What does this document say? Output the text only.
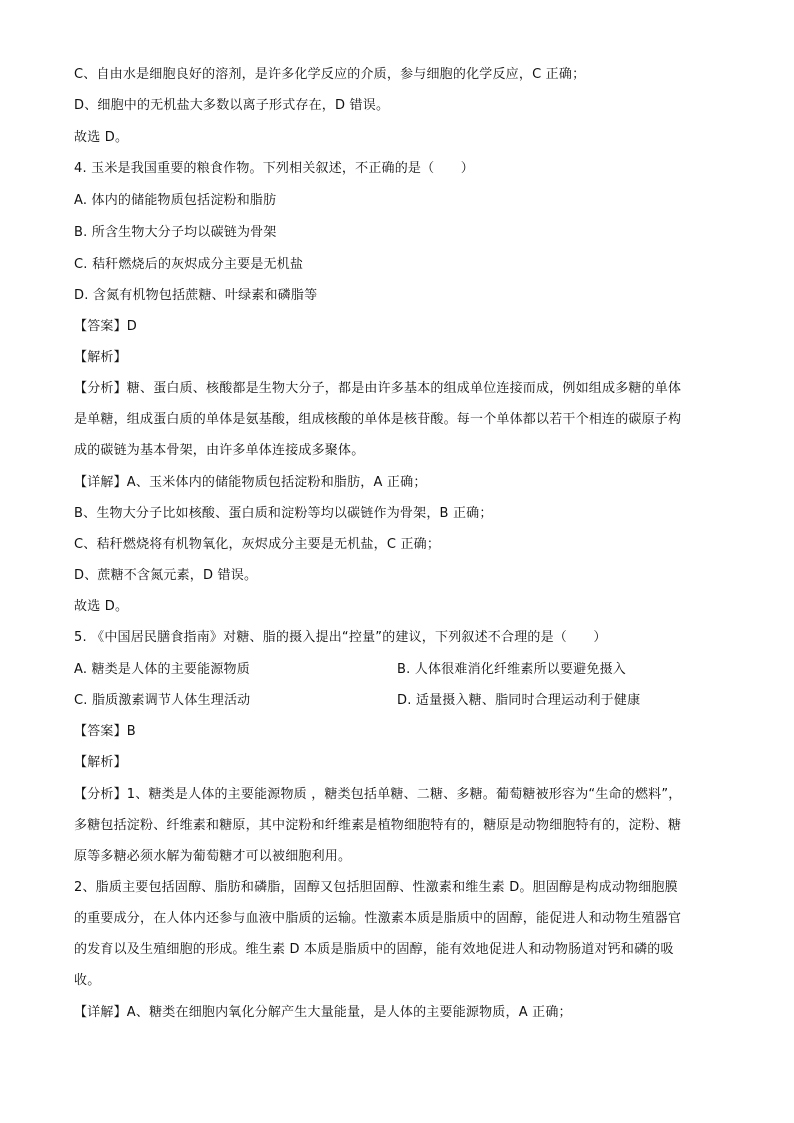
C、自由水是细胞良好的溶剂，是许多化学反应的介质，参与细胞的化学反应，C 正确；
D、细胞中的无机盐大多数以离子形式存在，D 错误。
故选 D。
4. 玉米是我国重要的粮食作物。下列相关叙述，不正确的是（　　）
A. 体内的储能物质包括淀粉和脂肪
B. 所含生物大分子均以碳链为骨架
C. 秸秆燃烧后的灰烬成分主要是无机盐
D. 含氮有机物包括蔗糖、叶绿素和磷脂等
【答案】D
【解析】
【分析】糖、蛋白质、核酸都是生物大分子，都是由许多基本的组成单位连接而成，例如组成多糖的单体
是单糖，组成蛋白质的单体是氨基酸，组成核酸的单体是核苷酸。每一个单体都以若干个相连的碳原子构
成的碳链为基本骨架，由许多单体连接成多聚体。
【详解】A、玉米体内的储能物质包括淀粉和脂肪，A 正确；
B、生物大分子比如核酸、蛋白质和淀粉等均以碳链作为骨架，B 正确；
C、秸秆燃烧将有机物氧化，灰烬成分主要是无机盐，C 正确；
D、蔗糖不含氮元素，D 错误。
故选 D。
5. 《中国居民膳食指南》对糖、脂的摄入提出“控量”的建议，下列叙述不合理的是（　　）
A. 糖类是人体的主要能源物质	B. 人体很难消化纤维素所以要避免摄入
C. 脂质激素调节人体生理活动	D. 适量摄入糖、脂同时合理运动利于健康
【答案】B
【解析】
【分析】1、糖类是人体的主要能源物质 ，糖类包括单糖、二糖、多糖。葡萄糖被形容为“生命的燃料”，
多糖包括淀粉、纤维素和糖原，其中淀粉和纤维素是植物细胞特有的，糖原是动物细胞特有的，淀粉、糖
原等多糖必须水解为葡萄糖才可以被细胞利用。
2、脂质主要包括固醇、脂肪和磷脂，固醇又包括胆固醇、性激素和维生素 D。胆固醇是构成动物细胞膜
的重要成分，在人体内还参与血液中脂质的运输。性激素本质是脂质中的固醇，能促进人和动物生殖器官
的发育以及生殖细胞的形成。维生素 D 本质是脂质中的固醇，能有效地促进人和动物肠道对钙和磷的吸
收。
【详解】A、糖类在细胞内氧化分解产生大量能量，是人体的主要能源物质，A 正确；
